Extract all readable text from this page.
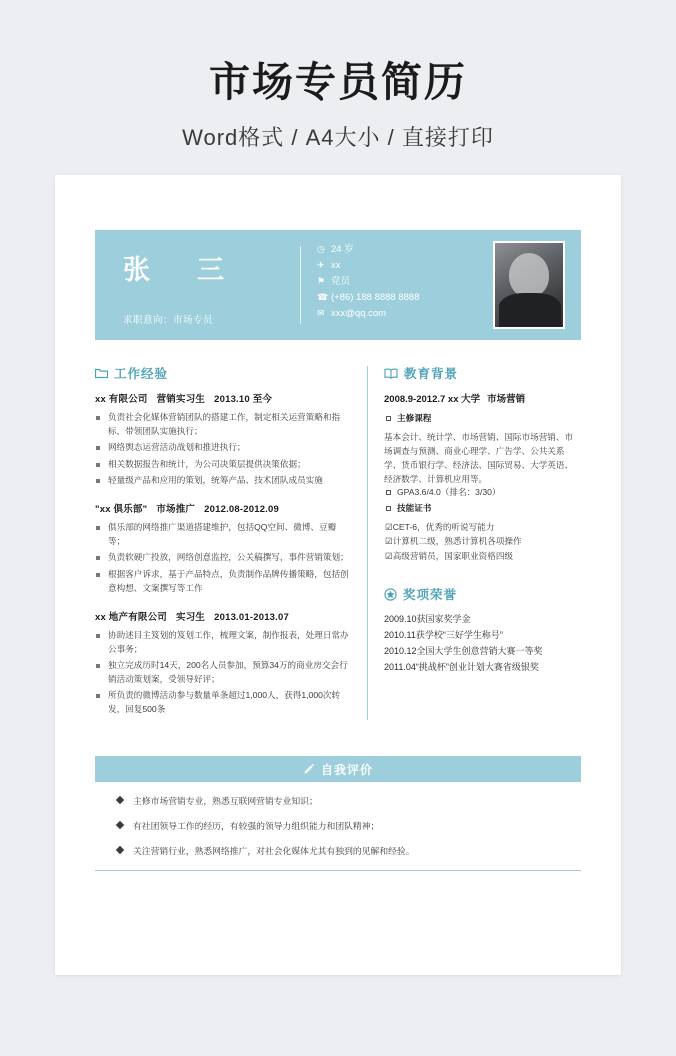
市场专员简历
Word格式 / A4大小 / 直接打印
张　三
求职意向：市场专员
◷ 24 岁
✈ xx
⚑ 党员
☎ (+86) 188 8888 8888
✉ xxx@qq.com
工作经验
xx 有限公司 营销实习生 2013.10 至今
负责社会化媒体营销团队的搭建工作，制定相关运营策略和指标，带领团队实施执行；
网络舆态运营活动战划和推进执行；
相关数据报告和统计，为公司决策层提供决策依据；
轻量级产品和应用的策划，统筹产品、技术团队成员实施
"xx 俱乐部" 市场推广 2012.08-2012.09
俱乐部的网络推广渠道搭建维护，包括QQ空间、微博、豆瓣等；
负责软硬广投放，网络创意监控，公关稿撰写，事件营销策划；
根据客户诉求，基于产品特点，负责制作品牌传播策略，包括创意构想、文案撰写等工作
xx 地产有限公司 实习生 2013.01-2013.07
协助述目主笈划的笈划工作，梳理文案，制作报表，处理日常办公事务；
独立完成历时14天，200名人员参加，预算34万的商业房交会行销活动策划案，受领导好评；
所负责的微博活动参与数量单条超过1,000人，获得1,000次转发，回复500条
教育背景
2008.9-2012.7 xx 大学 市场营销
主修课程
基本会计、统计学、市场营销、国际市场营销、市场调查与预测、商业心理学、广告学、公共关系学、货币银行学、经济法、国际贸易、大学英语、经济数学、计算机应用等。
GPA3.6/4.0（排名：3/30）
技能证书
☑CET-6，优秀的听说写能力
☑计算机二级，熟悉计算机各项操作
☑高级营销员，国家职业资格四级
奖项荣誉
2009.10获国家奖学金
2010.11获学校“三好学生称号”
2010.12全国大学生创意营销大赛一等奖
2011.04“挑战杯”创业计划大赛省级银奖
自我评价
主修市场营销专业，熟悉互联网营销专业知识；
有社团领导工作的经历，有较强的领导力组织能力和团队精神；
关注营销行业，熟悉网络推广，对社会化媒体尤其有独到的见解和经验。
